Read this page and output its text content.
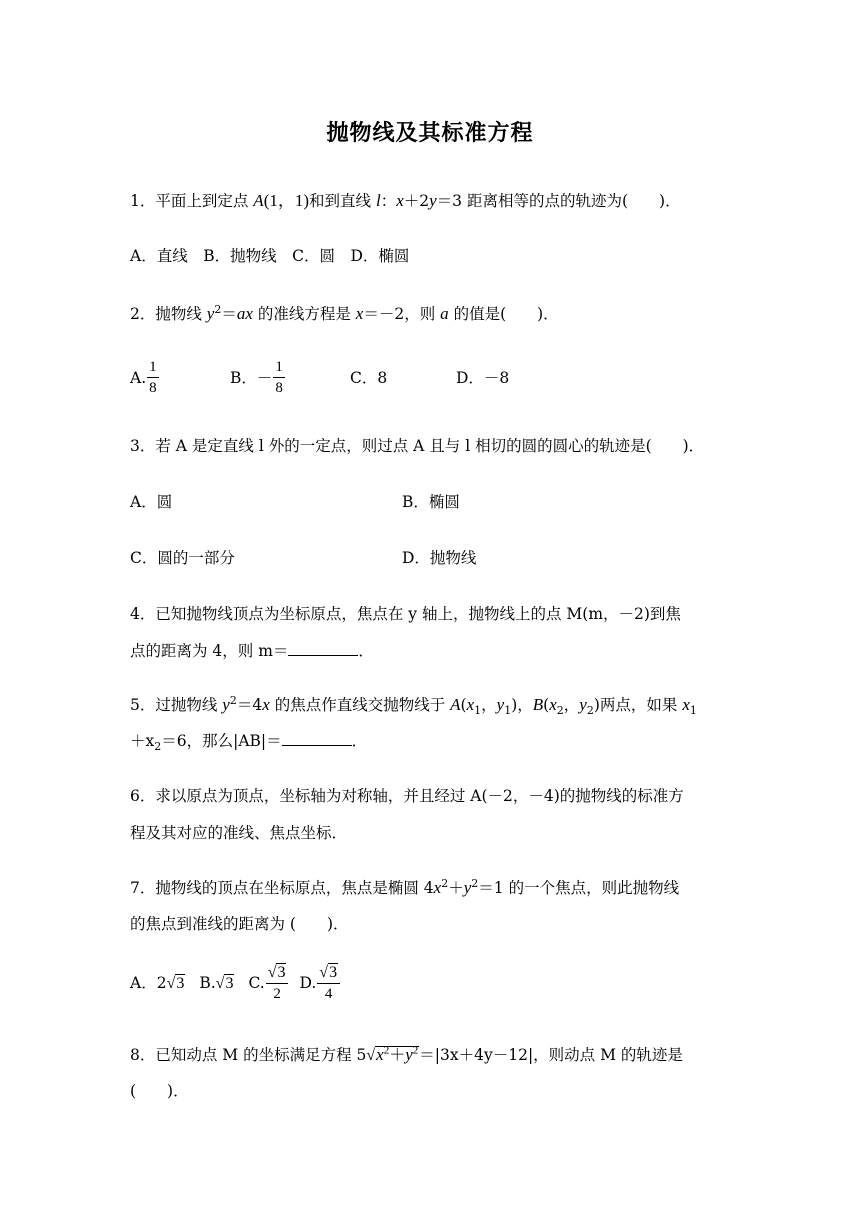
抛物线及其标准方程
1．平面上到定点 A(1，1)和到直线 l：x＋2y＝3 距离相等的点的轨迹为(　　)．
A．直线　B．抛物线　C．圆　D．椭圆
2．抛物线 $y^2=ax$ 的准线方程是 x＝－2，则 a 的值是(　　)．
A. $\frac{1}{8}$	B．－ $\frac{1}{8}$	C．8	D．－8
3．若 A 是定直线 l 外的一定点，则过点 A 且与 l 相切的圆的圆心的轨迹是(　　)．
A．圆	B．椭圆
C．圆的一部分	D．抛物线
4．已知抛物线顶点为坐标原点，焦点在 y 轴上，抛物线上的点 M(m，－2)到焦
点的距离为 4，则 m＝	．
5．过抛物线 $y^2=4x$ 的焦点作直线交抛物线于 $A(x_1$，$y_1$)，$B(x_2$，$y_2$)两点，如果 $x_1$
$+x_2=6$，那么|AB|＝	．
6．求以原点为顶点，坐标轴为对称轴，并且经过 A(－2，－4)的抛物线的标准方
程及其对应的准线、焦点坐标．
7．抛物线的顶点在坐标原点，焦点是椭圆 $4x^2+y^2=1$ 的一个焦点，则此抛物线
的焦点到准线的距离为 (　　)．
A．2√3 B.√3 C. $\frac{√3}{2} D$. $\frac{√3}{4}$
8．已知动点 M 的坐标满足方程 $5√x^2+y^2=|3x+4y-12|$，则动点 M 的轨迹是
(　　)．
